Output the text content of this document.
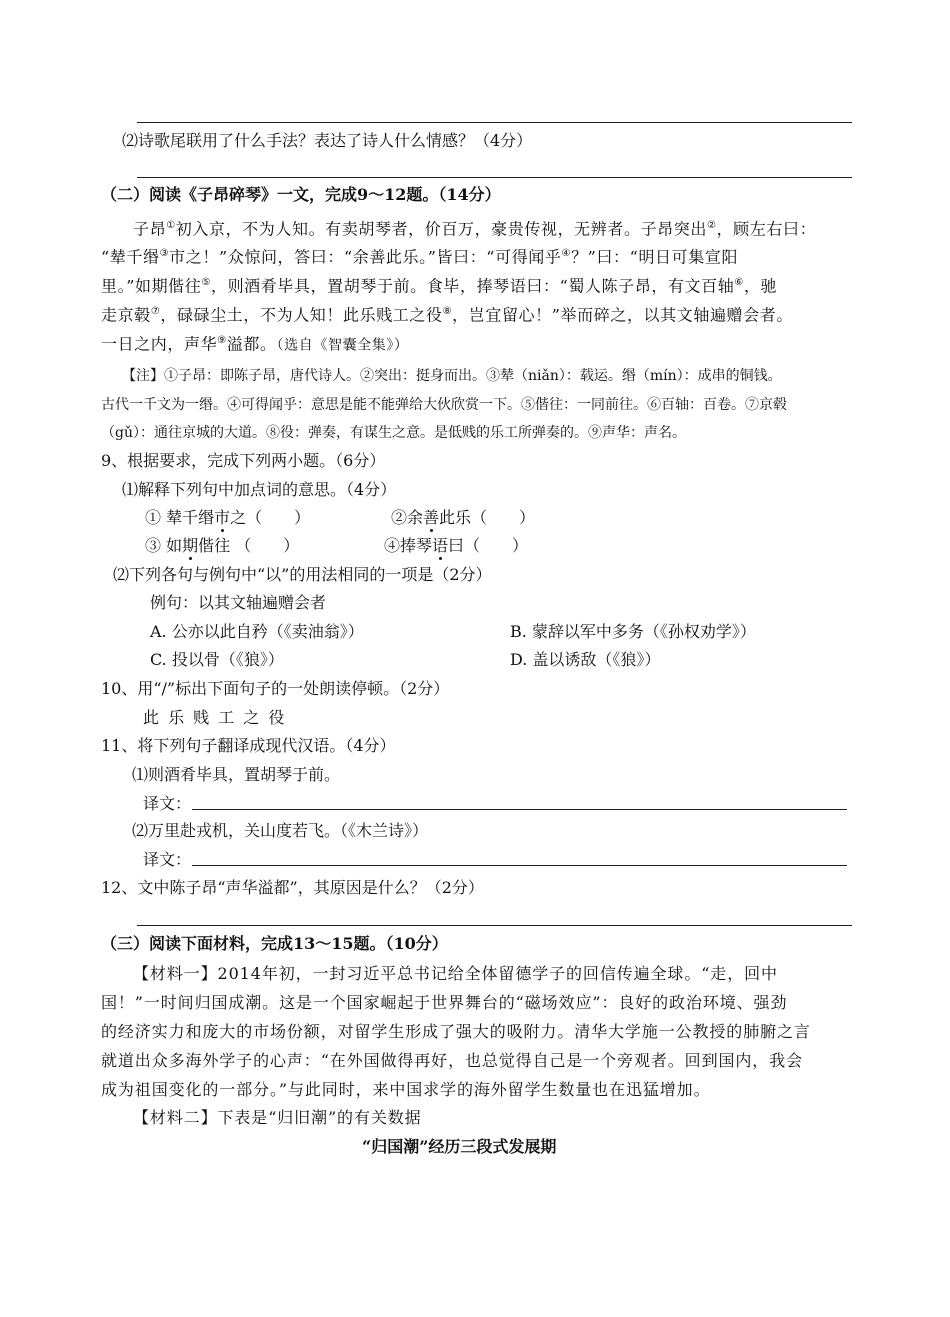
⑵诗歌尾联用了什么手法？表达了诗人什么情感？（4分）
（二）阅读《子昂碎琴》一文，完成9～12题。（14分）
子昂①初入京，不为人知。有卖胡琴者，价百万，豪贵传视，无辨者。子昂突出②，顾左右曰：
“辇千缗③市之！”众惊问，答曰：“余善此乐。”皆曰：“可得闻乎④？”曰：“明日可集宣阳
里。”如期偕往⑤，则酒肴毕具，置胡琴于前。食毕，捧琴语曰：“蜀人陈子昂，有文百轴⑥，驰
走京毂⑦，碌碌尘土，不为人知！此乐贱工之役⑧，岂宜留心！”举而碎之，以其文轴遍赠会者。
一日之内，声华⑨溢都。（选自《智囊全集》）
【注】①子昂：即陈子昂，唐代诗人。②突出：挺身而出。③辇（niǎn）：载运。缗（mín）：成串的铜钱。
古代一千文为一缗。④可得闻乎：意思是能不能弹给大伙欣赏一下。⑤偕往：一同前往。⑥百轴：百卷。⑦京毂
（gǔ）：通往京城的大道。⑧役：弹奏，有谋生之意。是低贱的乐工所弹奏的。⑨声华：声名。
9、根据要求，完成下列两小题。（6分）
⑴解释下列句中加点词的意思。（4分）
① 辇千缗市之（　　）	②余善此乐（　　）
③ 如期偕往 （　　）	④捧琴语曰（　　）
⑵下列各句与例句中“以”的用法相同的一项是（2分）
例句：以其文轴遍赠会者
A. 公亦以此自矜（《卖油翁》）	B. 蒙辞以军中多务（《孙权劝学》）
C. 投以骨（《狼》）	D. 盖以诱敌（《狼》）
10、用“/”标出下面句子的一处朗读停顿。（2分）
此 乐 贱 工 之 役
11、将下列句子翻译成现代汉语。（4分）
⑴则酒肴毕具，置胡琴于前。
译文：
⑵万里赴戎机，关山度若飞。（《木兰诗》）
译文：
12、文中陈子昂“声华溢都”，其原因是什么？（2分）
（三）阅读下面材料，完成13～15题。（10分）
【材料一】2014年初，一封习近平总书记给全体留德学子的回信传遍全球。“走，回中
国！”一时间归国成潮。这是一个国家崛起于世界舞台的“磁场效应”：良好的政治环境、强劲
的经济实力和庞大的市场份额，对留学生形成了强大的吸附力。清华大学施一公教授的肺腑之言
就道出众多海外学子的心声：“在外国做得再好，也总觉得自己是一个旁观者。回到国内，我会
成为祖国变化的一部分。”与此同时，来中国求学的海外留学生数量也在迅猛增加。
【材料二】下表是“归旧潮”的有关数据
“归国潮”经历三段式发展期
